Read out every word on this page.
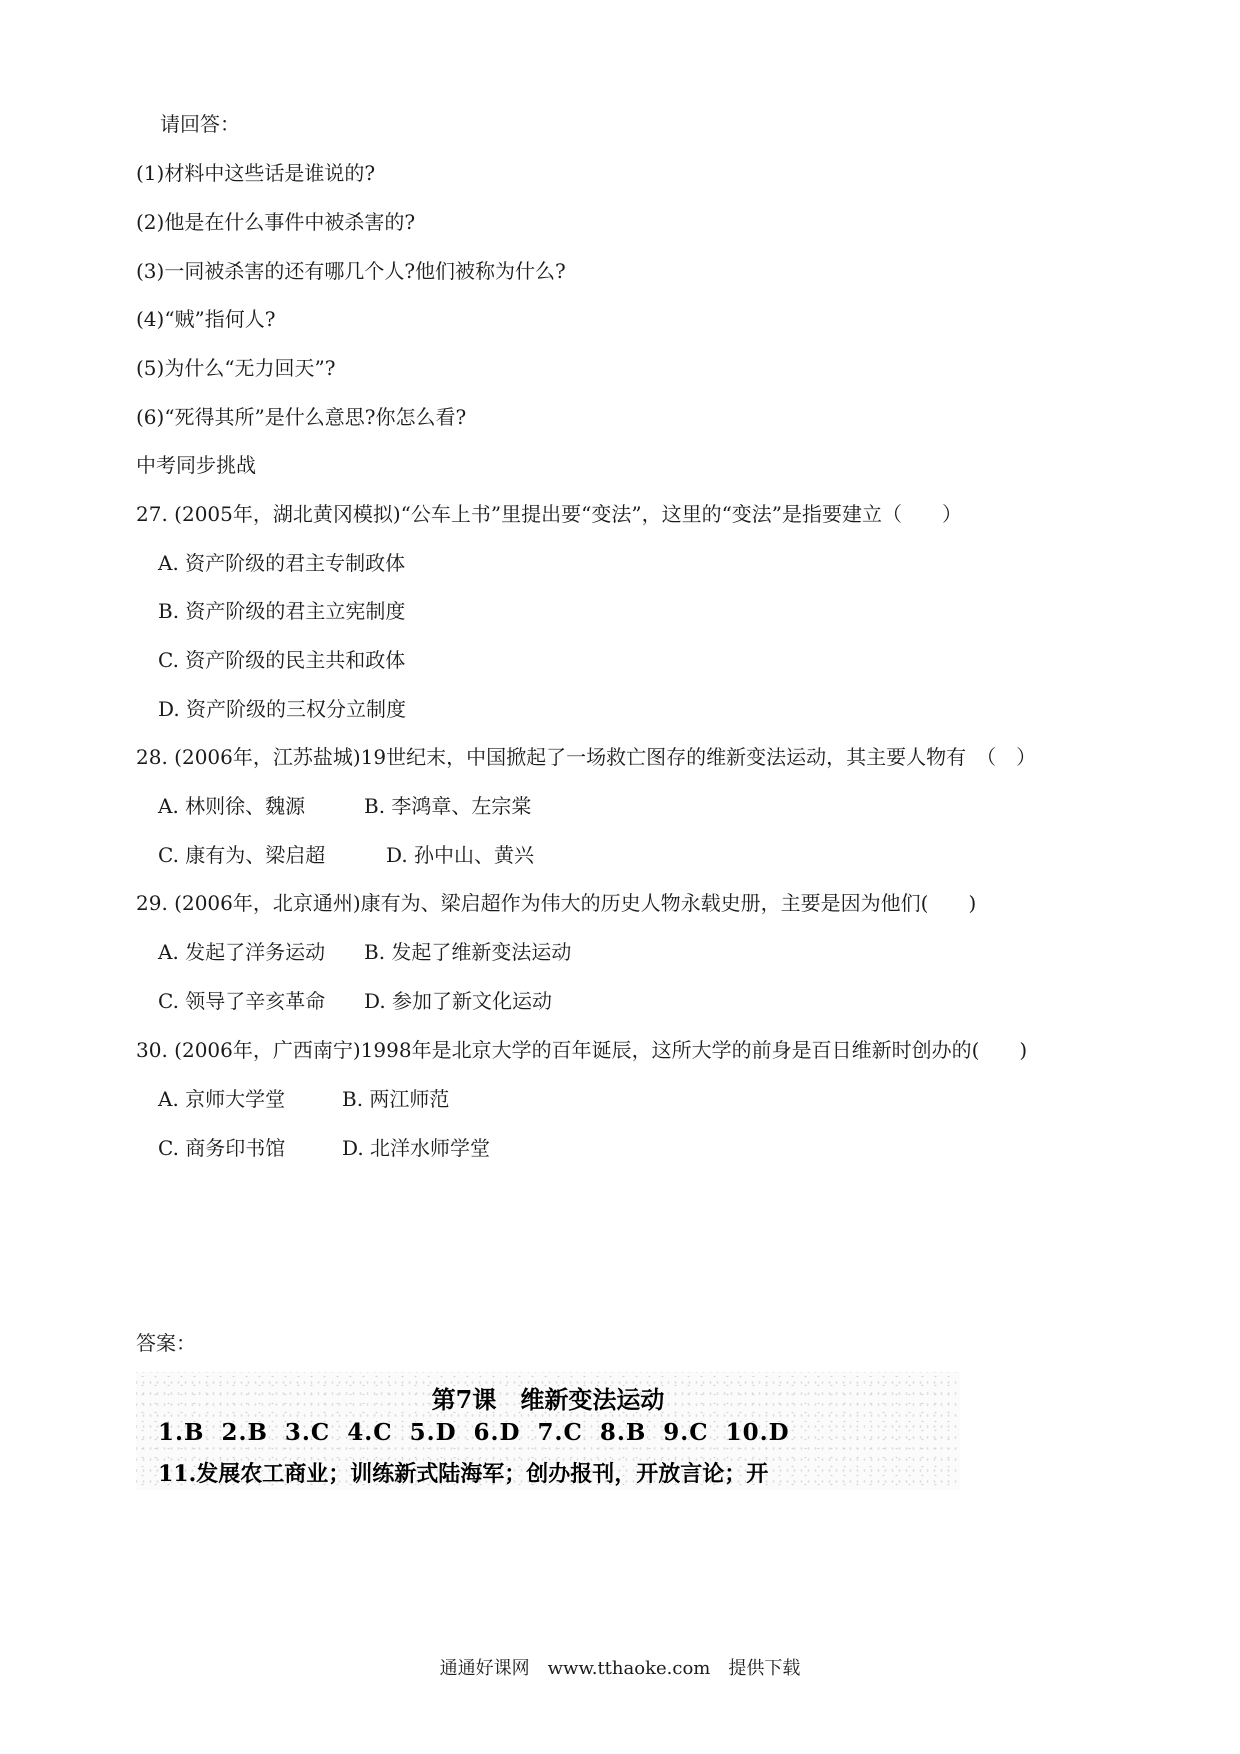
请回答：
(1)材料中这些话是谁说的?
(2)他是在什么事件中被杀害的?
(3)一同被杀害的还有哪几个人?他们被称为什么?
(4)“贼”指何人?
(5)为什么“无力回天”?
(6)“死得其所”是什么意思?你怎么看?
中考同步挑战
27. (2005年，湖北黄冈模拟)“公车上书”里提出要“变法”，这里的“变法”是指要建立（　　）
A. 资产阶级的君主专制政体
B. 资产阶级的君主立宪制度
C. 资产阶级的民主共和政体
D. 资产阶级的三权分立制度
28. (2006年，江苏盐城)19世纪末，中国掀起了一场救亡图存的维新变法运动，其主要人物有　（　）
A. 林则徐、魏源	B. 李鸿章、左宗棠
C. 康有为、梁启超	D. 孙中山、黄兴
29. (2006年，北京通州)康有为、梁启超作为伟大的历史人物永载史册，主要是因为他们(　　)
A. 发起了洋务运动 B. 发起了维新变法运动
C. 领导了辛亥革命 D. 参加了新文化运动
30. (2006年，广西南宁)1998年是北京大学的百年诞辰，这所大学的前身是百日维新时创办的(　　)
A. 京师大学堂	B. 两江师范
C. 商务印书馆	D. 北洋水师学堂
答案：
第7课　维新变法运动
1.B 2.B 3.C 4.C 5.D 6.D 7.C 8.B 9.C 10.D
11.发展农工商业；训练新式陆海军；创办报刊，开放言论；开
通通好课网　www.tthaoke.com　提供下载
